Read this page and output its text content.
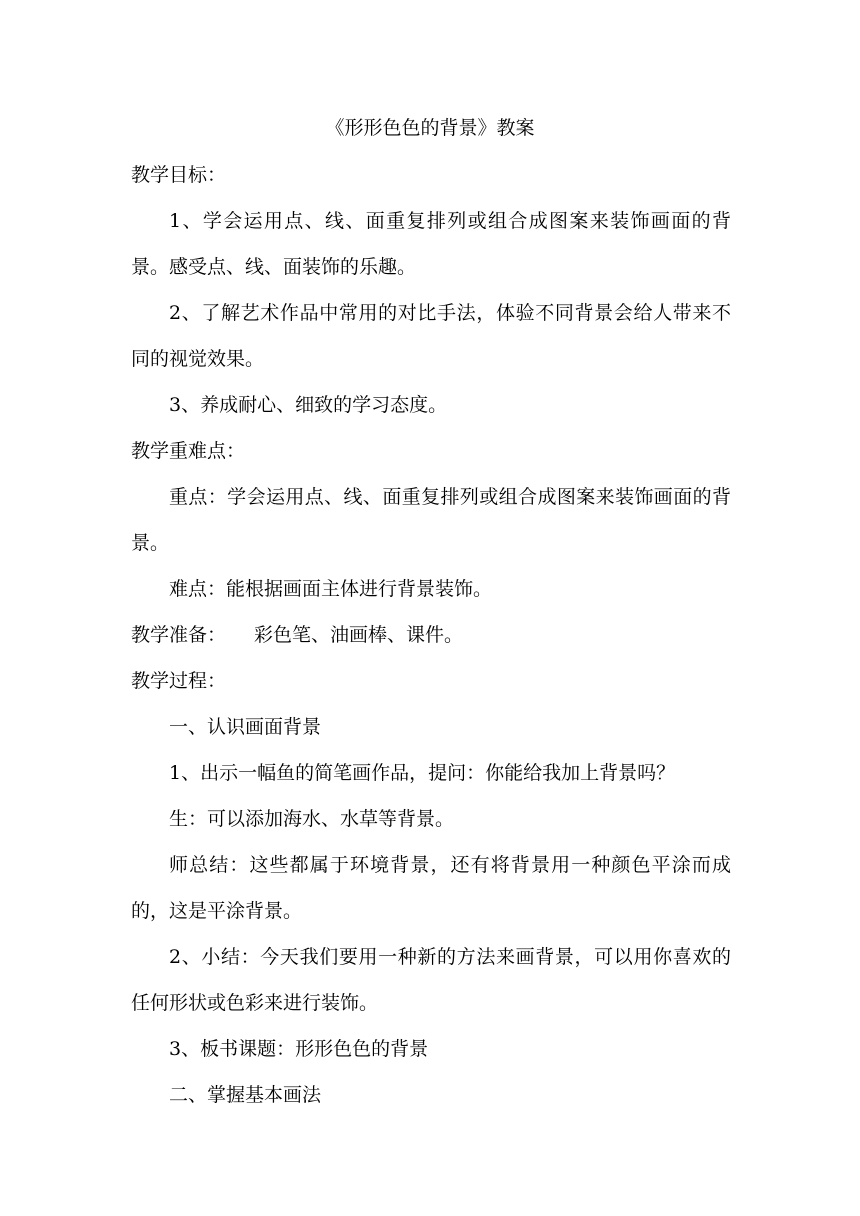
《形形色色的背景》教案

教学目标：

1、学会运用点、线、面重复排列或组合成图案来装饰画面的背景。感受点、线、面装饰的乐趣。

2、了解艺术作品中常用的对比手法，体验不同背景会给人带来不同的视觉效果。

3、养成耐心、细致的学习态度。

教学重难点：

重点：学会运用点、线、面重复排列或组合成图案来装饰画面的背景。

难点：能根据画面主体进行背景装饰。

教学准备： 彩色笔、油画棒、课件。

教学过程：

一、认识画面背景

1、出示一幅鱼的简笔画作品，提问：你能给我加上背景吗？

生：可以添加海水、水草等背景。

师总结：这些都属于环境背景，还有将背景用一种颜色平涂而成的，这是平涂背景。

2、小结：今天我们要用一种新的方法来画背景，可以用你喜欢的任何形状或色彩来进行装饰。

3、板书课题：形形色色的背景

二、掌握基本画法
